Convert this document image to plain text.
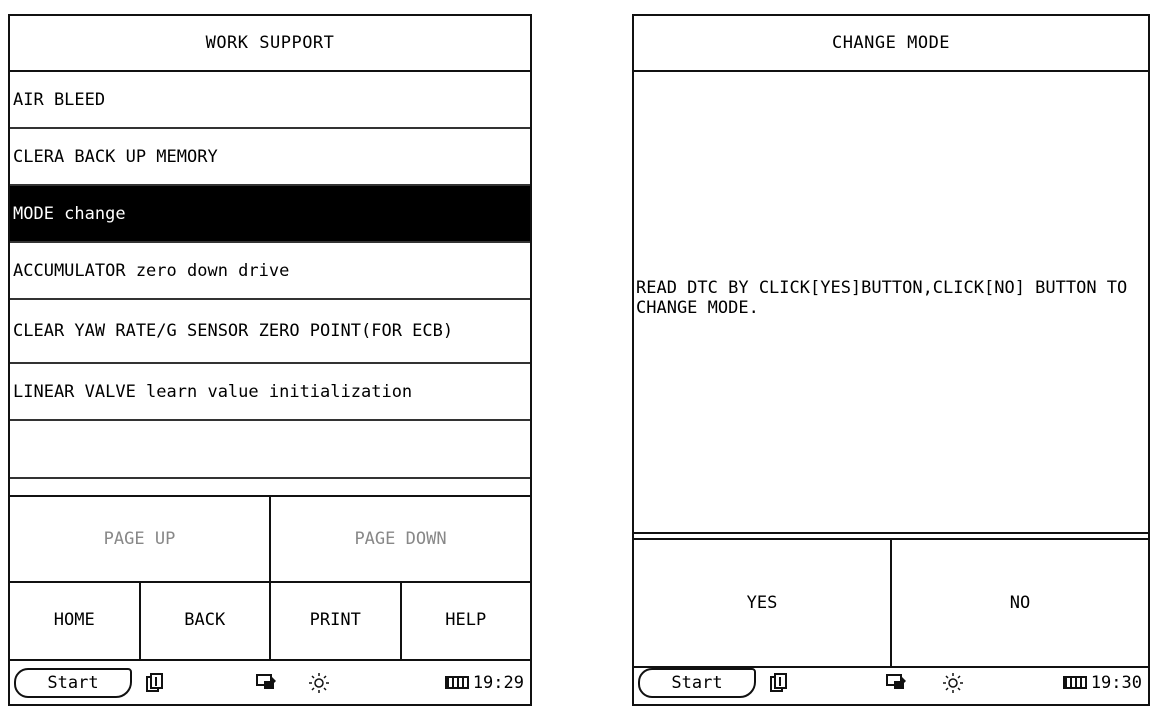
WORK SUPPORT
AIR BLEED
CLERA BACK UP MEMORY
MODE change
ACCUMULATOR zero down drive
CLEAR YAW RATE/G SENSOR ZERO POINT(FOR ECB)
LINEAR VALVE learn value initialization
PAGE UP	PAGE DOWN
HOME	BACK	PRINT	HELP
Start	19:29
CHANGE MODE
READ DTC BY CLICK[YES]BUTTON,CLICK[NO] BUTTON TO CHANGE MODE.
YES	NO
Start	19:30
